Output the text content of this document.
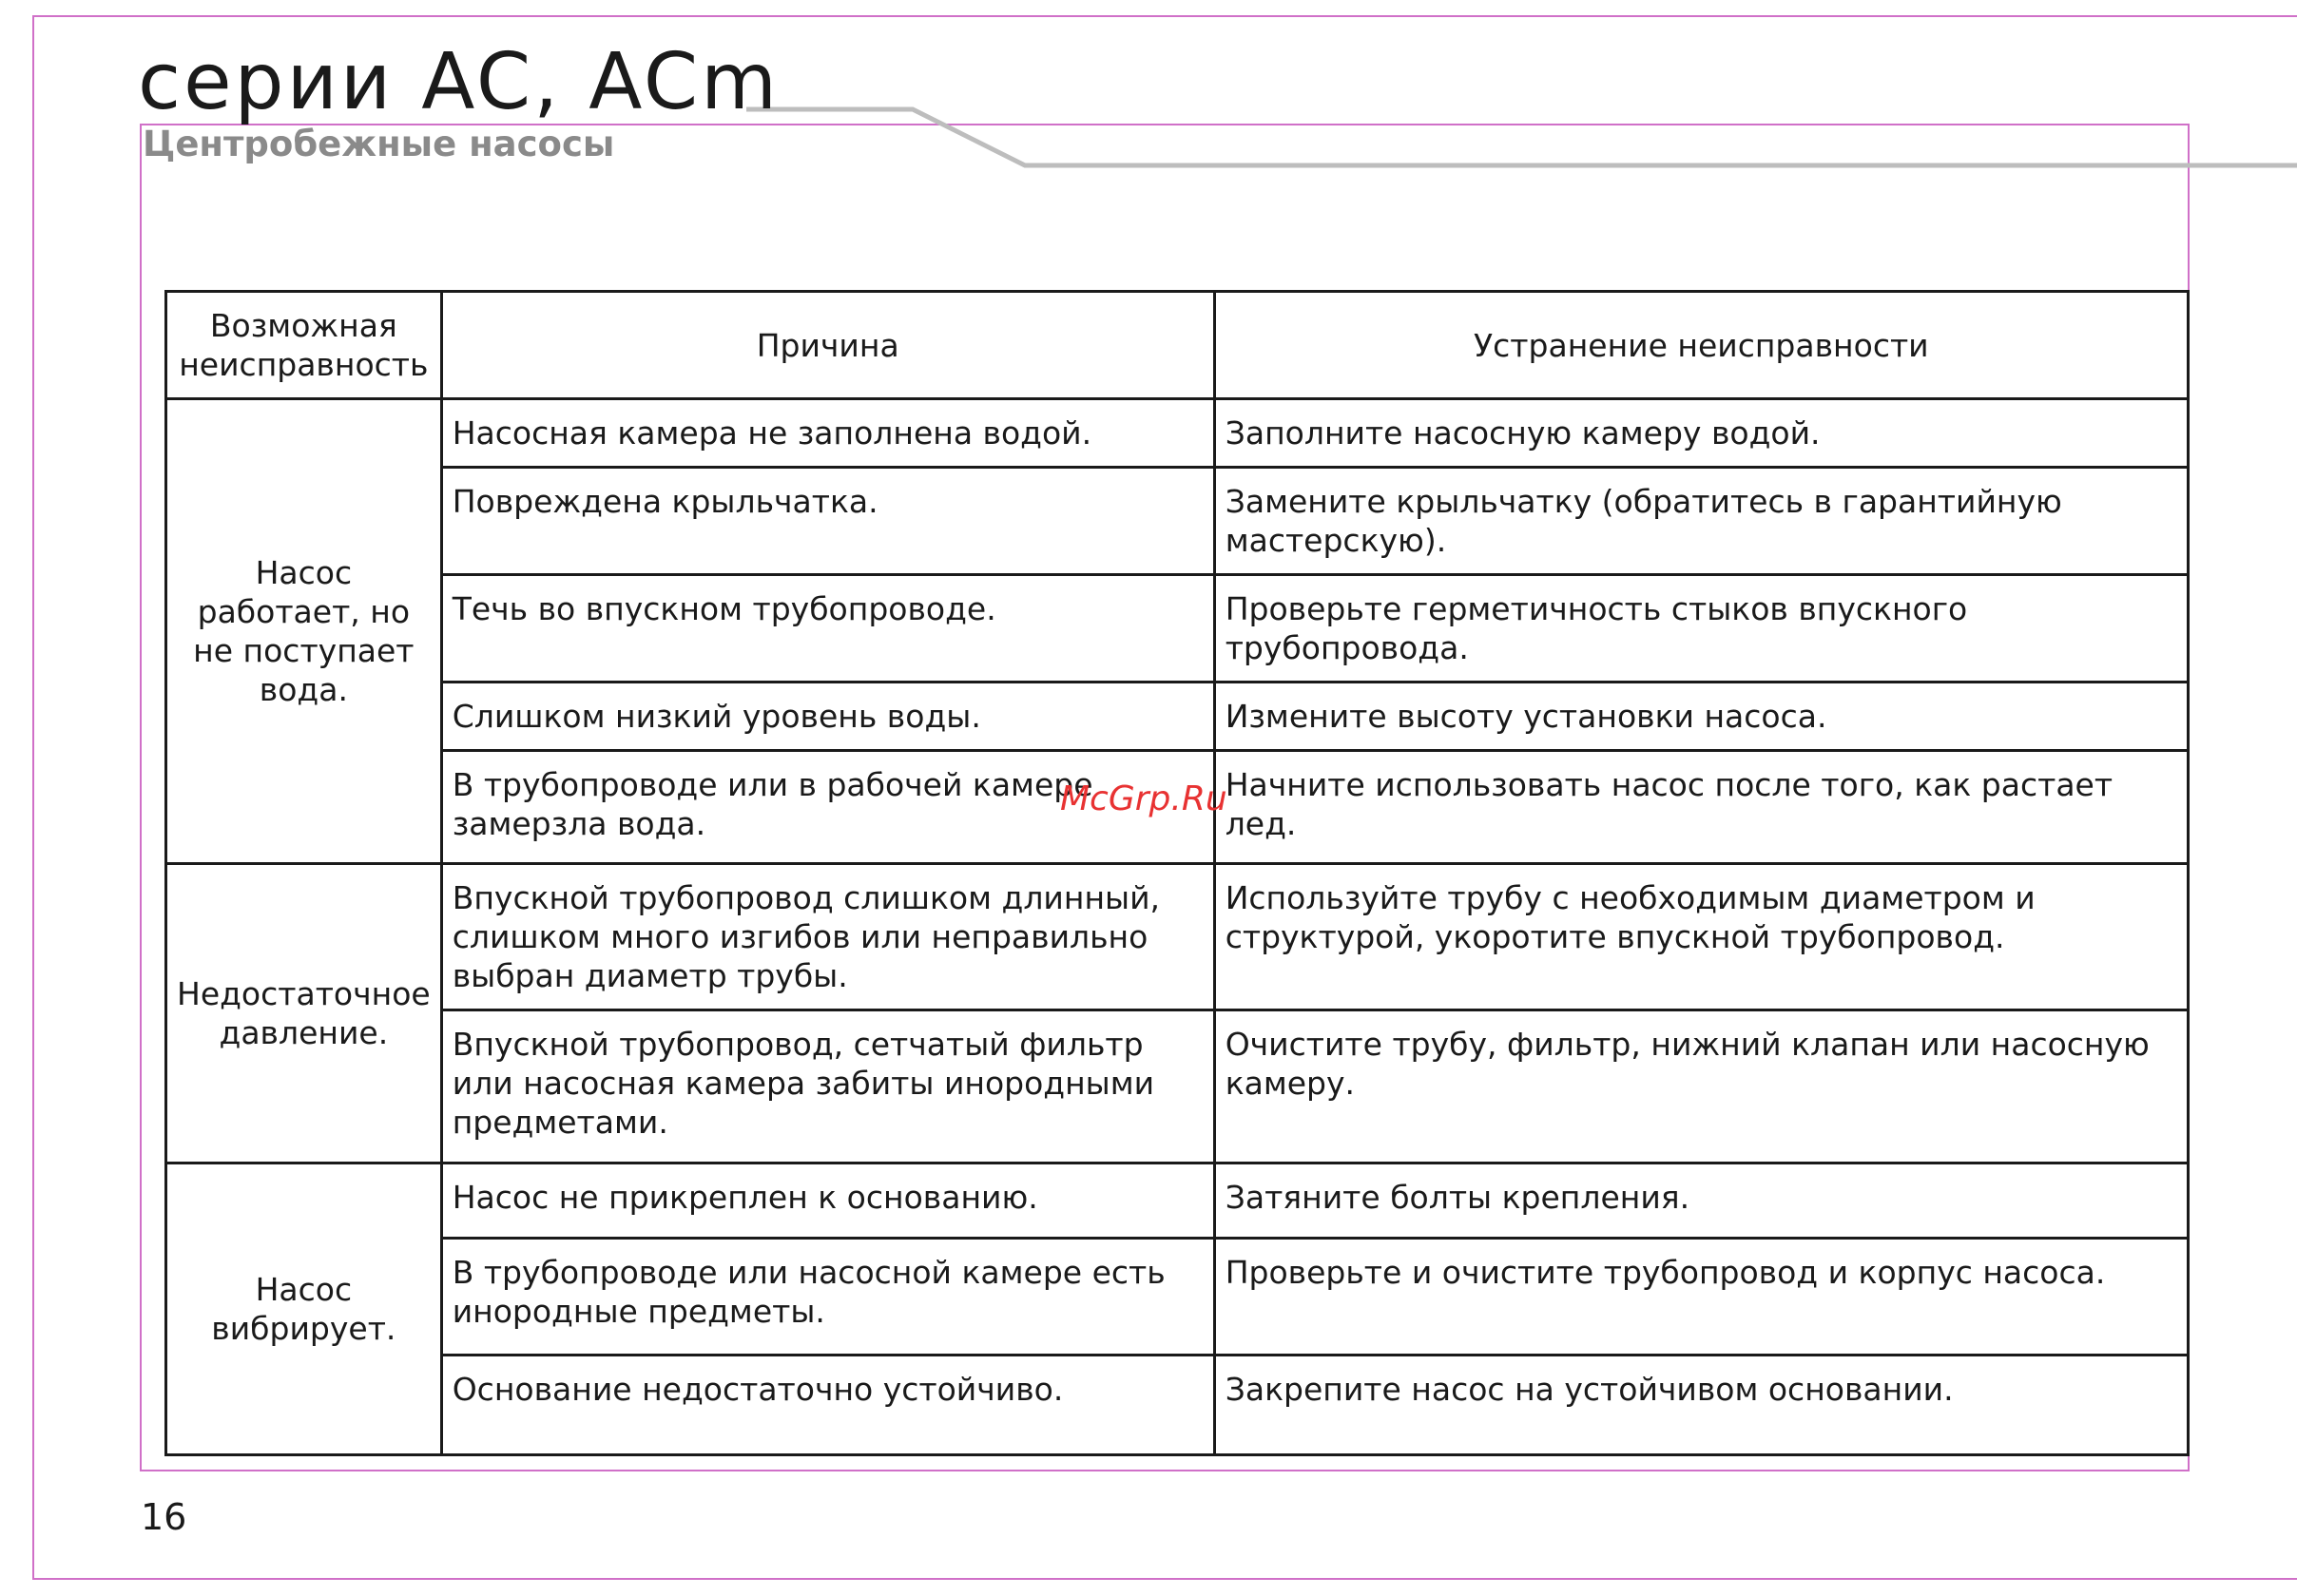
серии AC, ACm
Центробежные насосы
Возможная неисправность	Причина	Устранение неисправности
Насос работает, но не поступает вода.	Насосная камера не заполнена водой.	Заполните насосную камеру водой.
	Повреждена крыльчатка.	Замените крыльчатку (обратитесь в гарантийную мастерскую).
	Течь во впускном трубопроводе.	Проверьте герметичность стыков впускного трубопровода.
	Слишком низкий уровень воды.	Измените высоту установки насоса.
	В трубопроводе или в рабочей камере замерзла вода.	Начните использовать насос после того, как растает лед.
Недостаточное давление.	Впускной трубопровод слишком длинный, слишком много изгибов или неправильно выбран диаметр трубы.	Используйте трубу с необходимым диаметром и структурой, укоротите впускной трубопровод.
	Впускной трубопровод, сетчатый фильтр или насосная камера забиты инородными предметами.	Очистите трубу, фильтр, нижний клапан или насосную камеру.
Насос вибрирует.	Насос не прикреплен к основанию.	Затяните болты крепления.
	В трубопроводе или насосной камере есть инородные предметы.	Проверьте и очистите трубопровод и корпус насоса.
	Основание недостаточно устойчиво.	Закрепите насос на устойчивом основании.
McGrp.Ru
16
